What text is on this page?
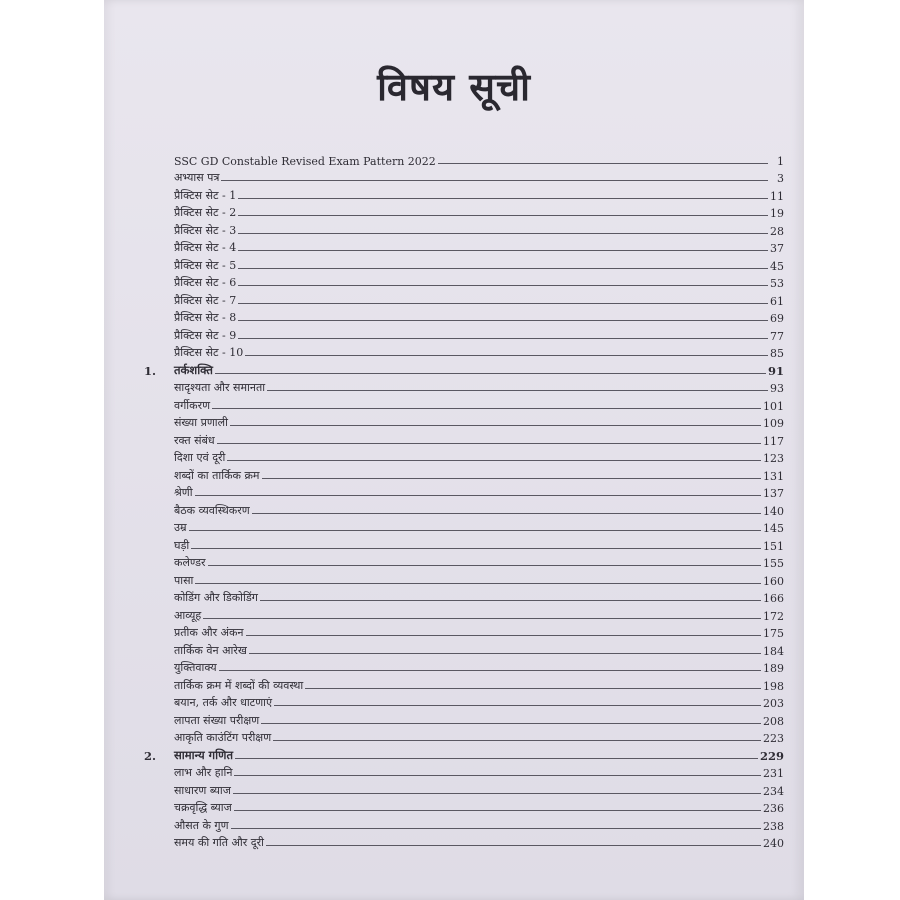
विषय सूची
SSC GD Constable Revised Exam Pattern 2022	1
अभ्यास पत्र	3
प्रैक्टिस सेट - 1	11
प्रैक्टिस सेट - 2	19
प्रैक्टिस सेट - 3	28
प्रैक्टिस सेट - 4	37
प्रैक्टिस सेट - 5	45
प्रैक्टिस सेट - 6	53
प्रैक्टिस सेट - 7	61
प्रैक्टिस सेट - 8	69
प्रैक्टिस सेट - 9	77
प्रैक्टिस सेट - 10	85
1.	तर्कशक्ति	91
सादृश्यता और समानता	93
वर्गीकरण	101
संख्या प्रणाली	109
रक्त संबंध	117
दिशा एवं दूरी	123
शब्दों का तार्किक क्रम	131
श्रेणी	137
बैठक व्यवस्थिकरण	140
उम्र	145
घड़ी	151
कलेण्डर	155
पासा	160
कोडिंग और डिकोडिंग	166
आव्यूह	172
प्रतीक और अंकन	175
तार्किक वेन आरेख	184
युक्तिवाक्य	189
तार्किक क्रम में शब्दों की व्यवस्था	198
बयान, तर्क और धाटणाएं	203
लापता संख्या परीक्षण	208
आकृति काउंटिंग परीक्षण	223
2.	सामान्य गणित	229
लाभ और हानि	231
साधारण ब्याज	234
चक्रवृद्धि ब्याज	236
औसत के गुण	238
समय की गति और दूरी	240
